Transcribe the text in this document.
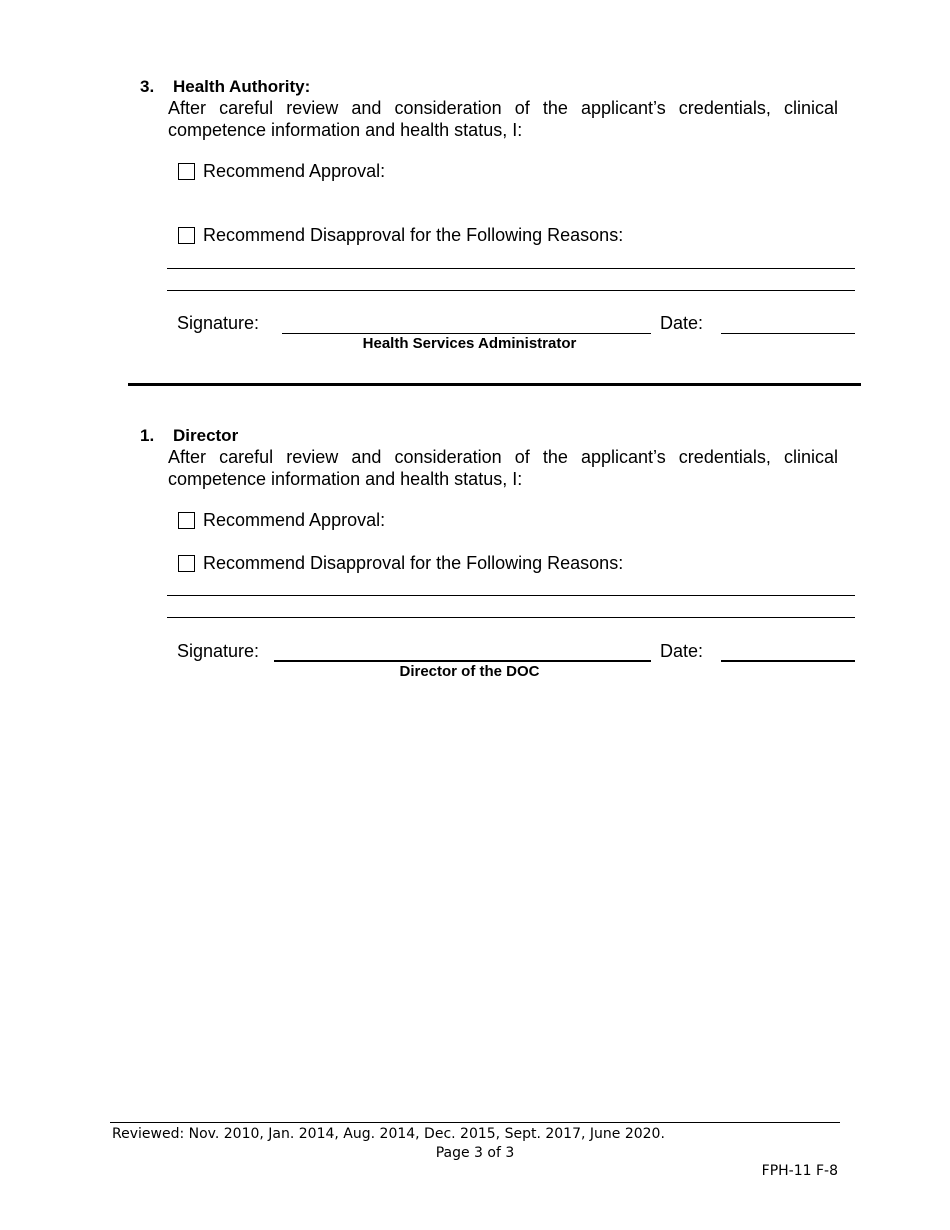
3. Health Authority:
After careful review and consideration of the applicant’s credentials, clinical competence information and health status, I:
Recommend Approval:
Recommend Disapproval for the Following Reasons:
Signature:
Health Services Administrator
Date:
1. Director
After careful review and consideration of the applicant’s credentials, clinical competence information and health status, I:
Recommend Approval:
Recommend Disapproval for the Following Reasons:
Signature:
Director of the DOC
Date:
Reviewed: Nov. 2010, Jan. 2014, Aug. 2014, Dec. 2015, Sept. 2017, June 2020.
Page 3 of 3
FPH-11 F-8
